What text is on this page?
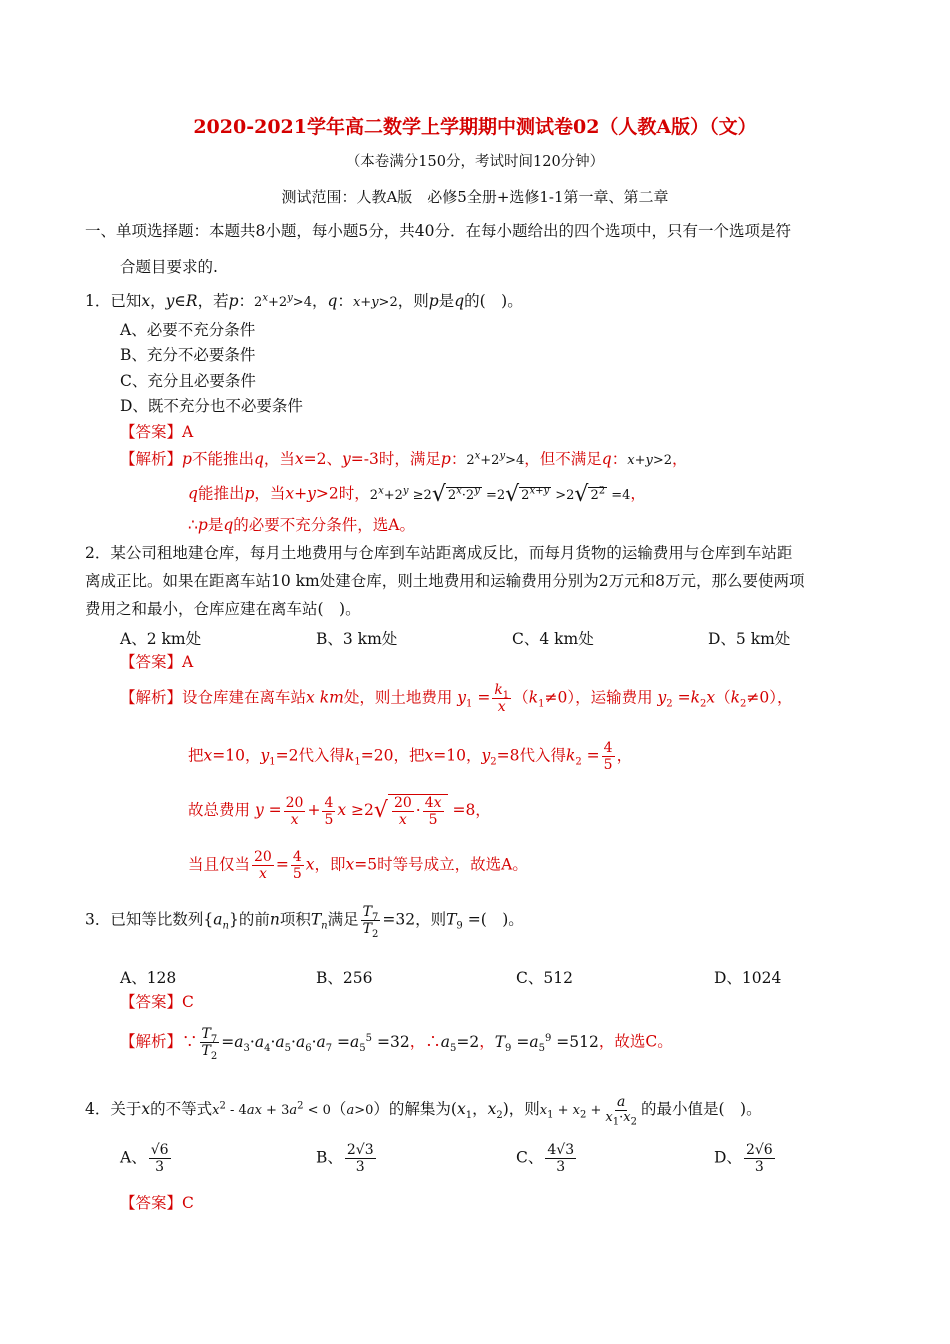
2020-2021学年高二数学上学期期中测试卷02（人教A版）（文）
（本卷满分150分，考试时间120分钟）
测试范围：人教A版　必修5全册+选修1-1第一章、第二章
一、单项选择题：本题共8小题，每小题5分，共40分．在每小题给出的四个选项中，只有一个选项是符
合题目要求的.
1．已知x，y∈R，若p：$2^x+2^y>4$，q：x+y>2，则p是q的(　)。
A、必要不充分条件
B、充分不必要条件
C、充分且必要条件
D、既不充分也不必要条件
【答案】A
【解析】p不能推出q，当x=2、y=-3时，满足p：$2^x+2^y>4$，但不满足q：x+y>2，
q能推出p，当x+y>2时，$2^x+2^y \ge 2√$ $2^x\cdot 2^y =2√$ $2^{x+y} >2√$ $2^2 =4$，
∴p是q的必要不充分条件，选A。
2．某公司租地建仓库，每月土地费用与仓库到车站距离成反比，而每月货物的运输费用与仓库到车站距
离成正比。如果在距离车站10 km处建仓库，则土地费用和运输费用分别为2万元和8万元，那么要使两项
费用之和最小，仓库应建在离车站(　)。
A、2 km处	B、3 km处	C、4 km处	D、5 km处
【答案】A
【解析】设仓库建在离车站x km处，则土地费用 $y_1 = \frac{k_1}{x} (k_1\ne 0)$，运输费用 $y_2 =k_2x(k_2\ne 0)$，
把x=10，$y_1=2$代入得$k_1=20$，把x=10，$y_2=8$代入得$k_2 = \frac{4}{5}$ ，
故总费用 $y = \frac{20}{x} + \frac{4}{5}$ $x \ge 2√ \frac{20}{x} \cdot \frac{4x}{5} =8$，
当且仅当 $\frac{20}{x} = \frac{4}{5}$ x，即x=5时等号成立，故选A。
3．已知等比数列$\{a_n\}$的前n项积$T_n$满足 $\frac{T_7}{T_2} =32$，则$T_9$ =(　)。
A、128	B、256	C、512	D、1024
【答案】C
【解析】∵ $\frac{T_7}{T_2} =a_3\cdot a_4\cdot a_5\cdot a_6\cdot a_7 =a_5^5 =32$，$\therefore a_5=2$，$T_9 =a_5^9 =512$，故选C。
4．关于x的不等式$x^2 - 4ax + 3a^2 < 0(a>0)$的解集为($x_1$，$x_2$)，则$x_1 + x_2 + \frac{a}{x_1\cdot x_2}$ 的最小值是(　)。
A、 $\frac{√6}{3}$	B、 $\frac{2√3}{3}$	C、 $\frac{4√3}{3}$	D、 $\frac{2√6}{3}$
【答案】C
